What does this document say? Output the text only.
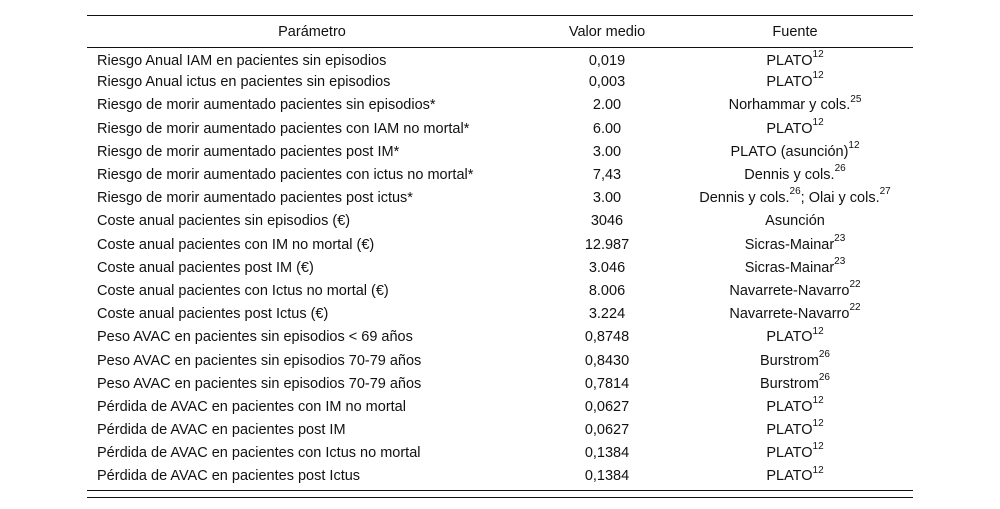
Parámetro	Valor medio	Fuente
Riesgo Anual IAM en pacientes sin episodios	0,019	PLATO$^{12}$
Riesgo Anual ictus en pacientes sin episodios	0,003	PLATO$^{12}$
Riesgo de morir aumentado pacientes sin episodios*	2.00	Norhammar y cols.$^{25}$
Riesgo de morir aumentado pacientes con IAM no mortal*	6.00	PLATO$^{12}$
Riesgo de morir aumentado pacientes post IM*	3.00	PLATO (asunción)$^{12}$
Riesgo de morir aumentado pacientes con ictus no mortal*	7,43	Dennis y cols.$^{26}$
Riesgo de morir aumentado pacientes post ictus*	3.00	Dennis y cols.$^{26}$; Olai y cols.$^{27}$
Coste anual pacientes sin episodios (€)	3046	Asunción
Coste anual pacientes con IM no mortal (€)	12.987	Sicras-Mainar$^{23}$
Coste anual pacientes post IM (€)	3.046	Sicras-Mainar$^{23}$
Coste anual pacientes con Ictus no mortal (€)	8.006	Navarrete-Navarro$^{22}$
Coste anual pacientes post Ictus (€)	3.224	Navarrete-Navarro$^{22}$
Peso AVAC en pacientes sin episodios < 69 años	0,8748	PLATO$^{12}$
Peso AVAC en pacientes sin episodios 70-79 años	0,8430	Burstrom$^{26}$
Peso AVAC en pacientes sin episodios 70-79 años	0,7814	Burstrom$^{26}$
Pérdida de AVAC en pacientes con IM no mortal	0,0627	PLATO$^{12}$
Pérdida de AVAC en pacientes post IM	0,0627	PLATO$^{12}$
Pérdida de AVAC en pacientes con Ictus no mortal	0,1384	PLATO$^{12}$
Pérdida de AVAC en pacientes post Ictus	0,1384	PLATO$^{12}$
